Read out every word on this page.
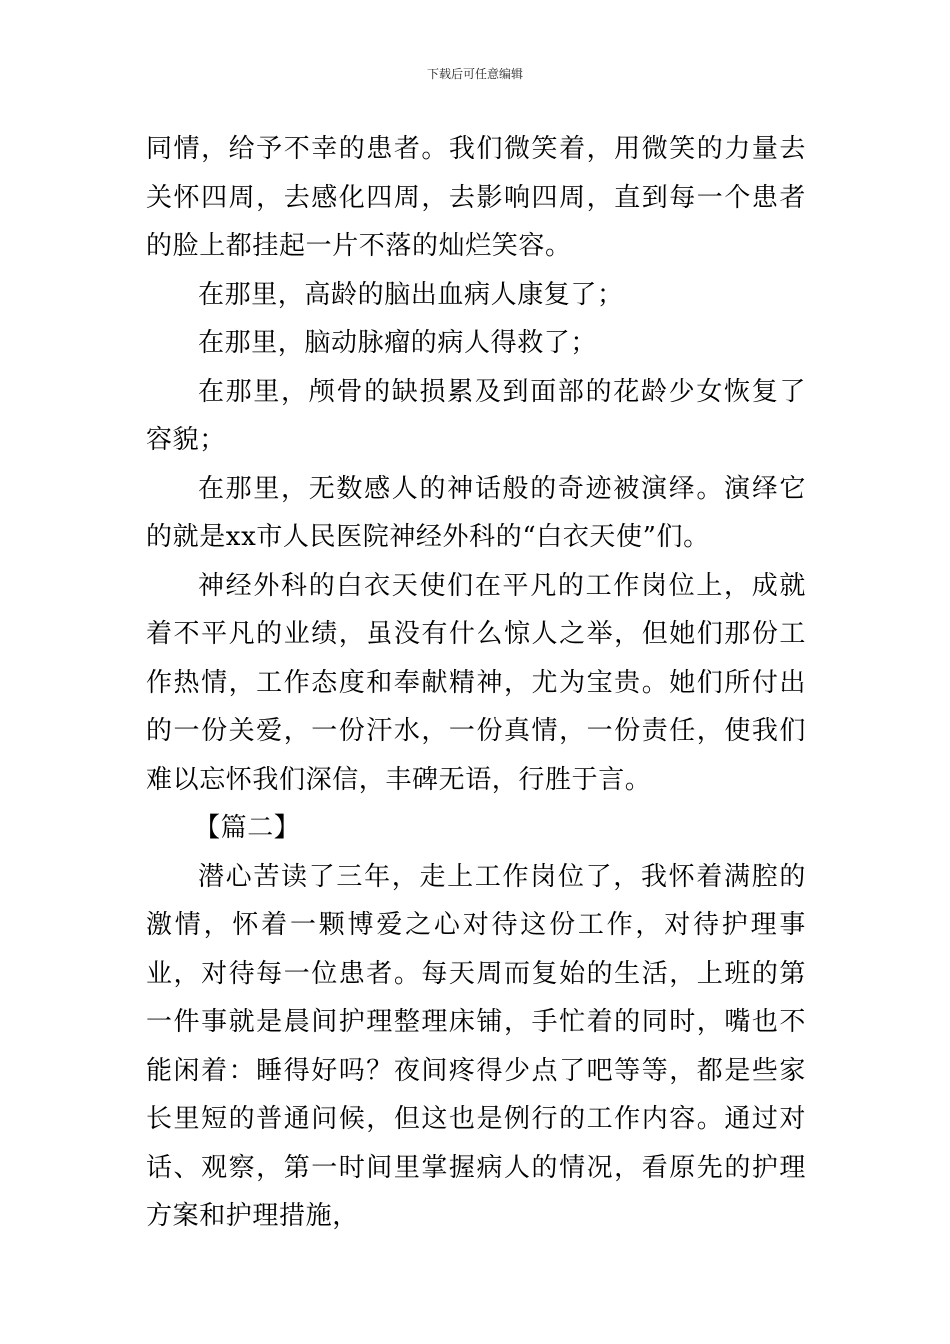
下载后可任意编辑

同情，给予不幸的患者。我们微笑着，用微笑的力量去关怀四周，去感化四周，去影响四周，直到每一个患者的脸上都挂起一片不落的灿烂笑容。

在那里，高龄的脑出血病人康复了；

在那里，脑动脉瘤的病人得救了；

在那里，颅骨的缺损累及到面部的花龄少女恢复了容貌；

在那里，无数感人的神话般的奇迹被演绎。演绎它的就是xx市人民医院神经外科的“白衣天使”们。

神经外科的白衣天使们在平凡的工作岗位上，成就着不平凡的业绩，虽没有什么惊人之举，但她们那份工作热情，工作态度和奉献精神，尤为宝贵。她们所付出的一份关爱，一份汗水，一份真情，一份责任，使我们难以忘怀我们深信，丰碑无语，行胜于言。

【篇二】

潜心苦读了三年，走上工作岗位了，我怀着满腔的激情，怀着一颗博爱之心对待这份工作，对待护理事业，对待每一位患者。每天周而复始的生活，上班的第一件事就是晨间护理整理床铺，手忙着的同时，嘴也不能闲着：睡得好吗？夜间疼得少点了吧等等，都是些家长里短的普通问候，但这也是例行的工作内容。通过对话、观察，第一时间里掌握病人的情况，看原先的护理方案和护理措施，
